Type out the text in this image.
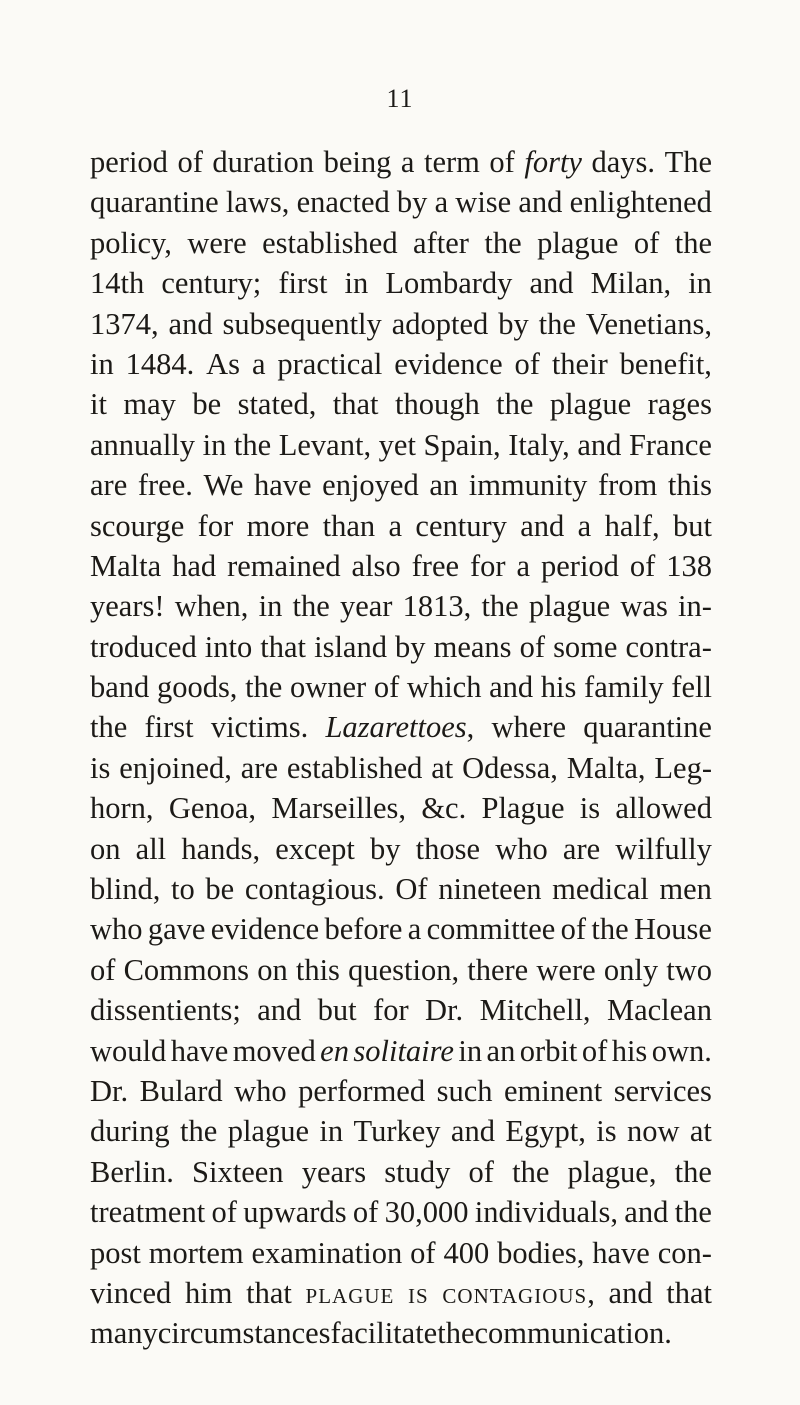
11
period of duration being a term of forty days. The
quarantine laws, enacted by a wise and enlightened
policy, were established after the plague of the
14th century; first in Lombardy and Milan, in
1374, and subsequently adopted by the Venetians,
in 1484. As a practical evidence of their benefit,
it may be stated, that though the plague rages
annually in the Levant, yet Spain, Italy, and France
are free. We have enjoyed an immunity from this
scourge for more than a century and a half, but
Malta had remained also free for a period of 138
years! when, in the year 1813, the plague was in-
troduced into that island by means of some contra-
band goods, the owner of which and his family fell
the first victims. Lazarettoes, where quarantine
is enjoined, are established at Odessa, Malta, Leg-
horn, Genoa, Marseilles, &c. Plague is allowed
on all hands, except by those who are wilfully
blind, to be contagious. Of nineteen medical men
who gave evidence before a committee of the House
of Commons on this question, there were only two
dissentients; and but for Dr. Mitchell, Maclean
would have moved en solitaire in an orbit of his own.
Dr. Bulard who performed such eminent services
during the plague in Turkey and Egypt, is now at
Berlin. Sixteen years study of the plague, the
treatment of upwards of 30,000 individuals, and the
post mortem examination of 400 bodies, have con-
vinced him that plague is contagious, and that
many circumstances facilitate the communication.
